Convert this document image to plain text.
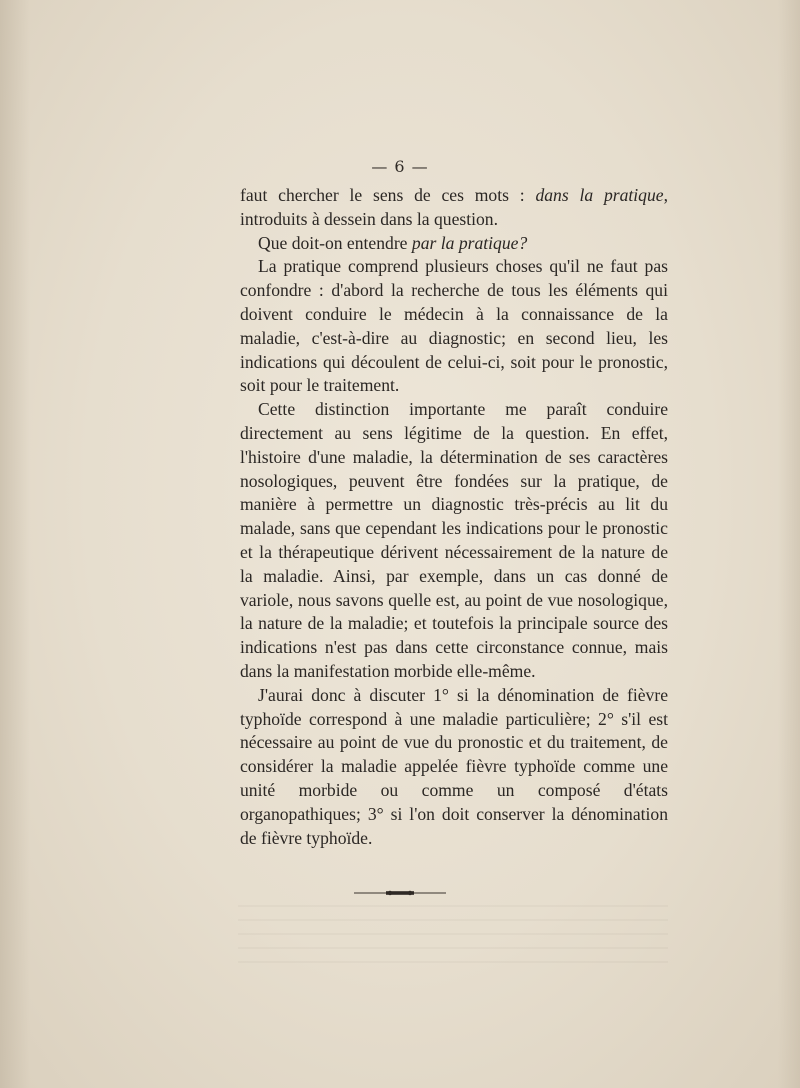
— 6 —

faut chercher le sens de ces mots : dans la pratique, introduits à dessein dans la question.

Que doit-on entendre par la pratique?

La pratique comprend plusieurs choses qu'il ne faut pas confondre : d'abord la recherche de tous les éléments qui doivent conduire le médecin à la connaissance de la maladie, c'est-à-dire au diagnostic; en second lieu, les indications qui découlent de celui-ci, soit pour le pronostic, soit pour le traitement.

Cette distinction importante me paraît conduire directement au sens légitime de la question. En effet, l'histoire d'une maladie, la détermination de ses caractères nosologiques, peuvent être fondées sur la pratique, de manière à permettre un diagnostic très-précis au lit du malade, sans que cependant les indications pour le pronostic et la thérapeutique dérivent nécessairement de la nature de la maladie. Ainsi, par exemple, dans un cas donné de variole, nous savons quelle est, au point de vue nosologique, la nature de la maladie; et toutefois la principale source des indications n'est pas dans cette circonstance connue, mais dans la manifestation morbide elle-même.

J'aurai donc à discuter 1° si la dénomination de fièvre typhoïde correspond à une maladie particulière; 2° s'il est nécessaire au point de vue du pronostic et du traitement, de considérer la maladie appelée fièvre typhoïde comme une unité morbide ou comme un composé d'états organopathiques; 3° si l'on doit conserver la dénomination de fièvre typhoïde.
